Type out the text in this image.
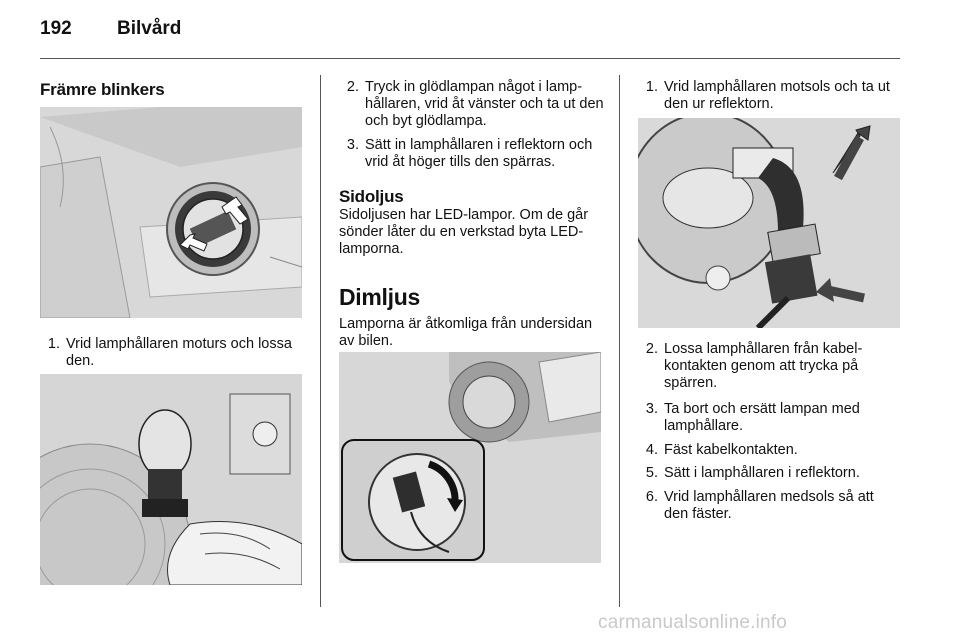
192 Bilvård
Främre blinkers
1. Vrid lamphållaren moturs och lossa den.
2. Tryck in glödlampan något i lamphållaren, vrid åt vänster och ta ut den och byt glödlampa.
3. Sätt in lamphållaren i reflektorn och vrid åt höger tills den spärras.
Sidoljus
Sidoljusen har LED-lampor. Om de går sönder låter du en verkstad byta LED-lamporna.
Dimljus
Lamporna är åtkomliga från undersidan av bilen.
1. Vrid lamphållaren motsols och ta ut den ur reflektorn.
2. Lossa lamphållaren från kabelkontakten genom att trycka på spärren.
3. Ta bort och ersätt lampan med lamphållare.
4. Fäst kabelkontakten.
5. Sätt i lamphållaren i reflektorn.
6. Vrid lamphållaren medsols så att den fäster.
carmanualsonline.info
